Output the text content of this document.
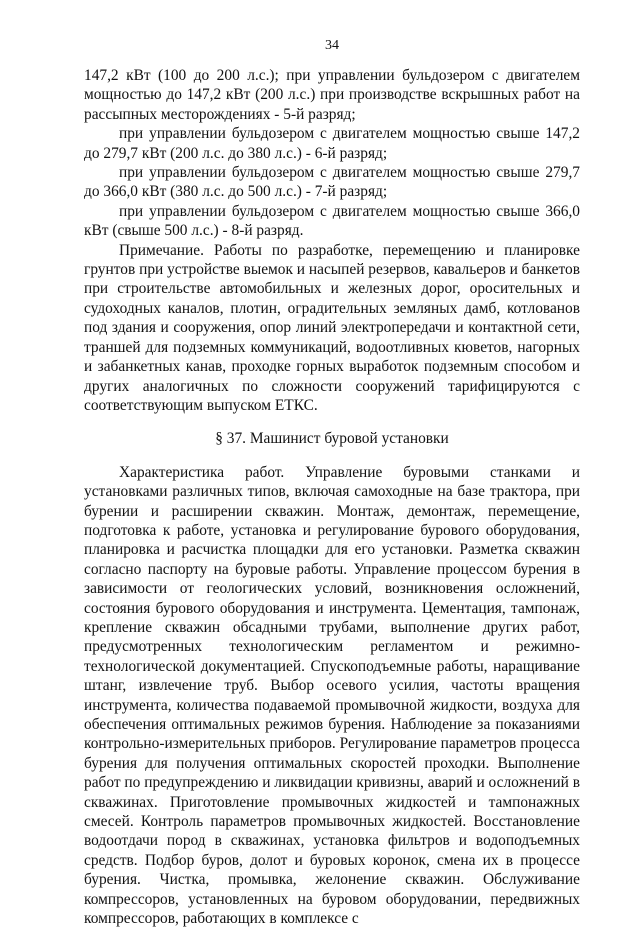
34

147,2 кВт (100 до 200 л.с.); при управлении бульдозером с двигателем мощностью до 147,2 кВт (200 л.с.) при производстве вскрышных работ на рассыпных месторождениях - 5-й разряд;

при управлении бульдозером с двигателем мощностью свыше 147,2 до 279,7 кВт (200 л.с. до 380 л.с.) - 6-й разряд;

при управлении бульдозером с двигателем мощностью свыше 279,7 до 366,0 кВт (380 л.с. до 500 л.с.) - 7-й разряд;

при управлении бульдозером с двигателем мощностью свыше 366,0 кВт (свыше 500 л.с.) - 8-й разряд.

Примечание. Работы по разработке, перемещению и планировке грунтов при устройстве выемок и насыпей резервов, кавальеров и банкетов при строительстве автомобильных и железных дорог, оросительных и судоходных каналов, плотин, оградительных земляных дамб, котлованов под здания и сооружения, опор линий электропередачи и контактной сети, траншей для подземных коммуникаций, водоотливных кюветов, нагорных и забанкетных канав, проходке горных выработок подземным способом и других аналогичных по сложности сооружений тарифицируются с соответствующим выпуском ЕТКС.

§ 37. Машинист буровой установки

Характеристика работ. Управление буровыми станками и установками различных типов, включая самоходные на базе трактора, при бурении и расширении скважин. Монтаж, демонтаж, перемещение, подготовка к работе, установка и регулирование бурового оборудования, планировка и расчистка площадки для его установки. Разметка скважин согласно паспорту на буровые работы. Управление процессом бурения в зависимости от геологических условий, возникновения осложнений, состояния бурового оборудования и инструмента. Цементация, тампонаж, крепление скважин обсадными трубами, выполнение других работ, предусмотренных технологическим регламентом и режимно-технологической документацией. Спускоподъемные работы, наращивание штанг, извлечение труб. Выбор осевого усилия, частоты вращения инструмента, количества подаваемой промывочной жидкости, воздуха для обеспечения оптимальных режимов бурения. Наблюдение за показаниями контрольно-измерительных приборов. Регулирование параметров процесса бурения для получения оптимальных скоростей проходки. Выполнение работ по предупреждению и ликвидации кривизны, аварий и осложнений в скважинах. Приготовление промывочных жидкостей и тампонажных смесей. Контроль параметров промывочных жидкостей. Восстановление водоотдачи пород в скважинах, установка фильтров и водоподъемных средств. Подбор буров, долот и буровых коронок, смена их в процессе бурения. Чистка, промывка, желонение скважин. Обслуживание компрессоров, установленных на буровом оборудовании, передвижных компрессоров, работающих в комплексе с
